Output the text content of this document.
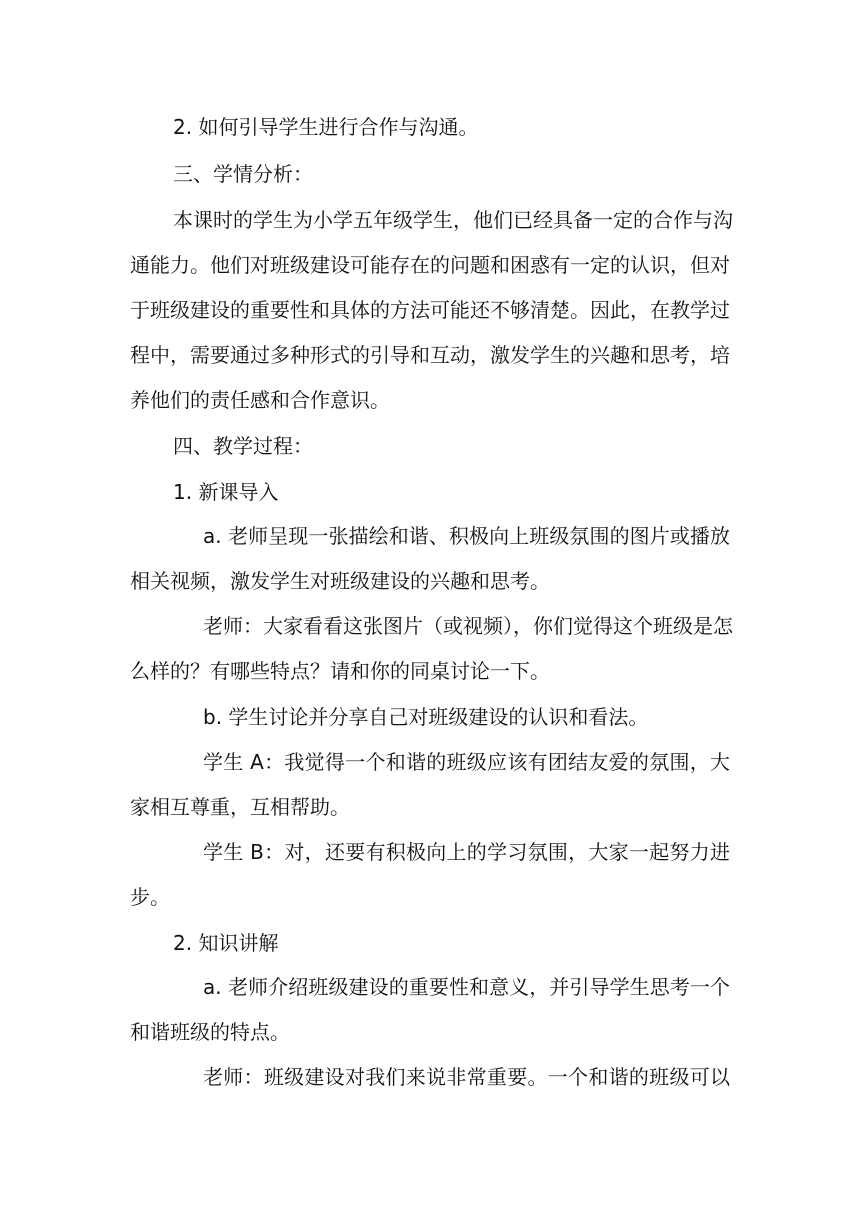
2. 如何引导学生进行合作与沟通。

三、学情分析：

本课时的学生为小学五年级学生，他们已经具备一定的合作与沟

通能力。他们对班级建设可能存在的问题和困惑有一定的认识，但对

于班级建设的重要性和具体的方法可能还不够清楚。因此，在教学过

程中，需要通过多种形式的引导和互动，激发学生的兴趣和思考，培

养他们的责任感和合作意识。

四、教学过程：

1. 新课导入

a. 老师呈现一张描绘和谐、积极向上班级氛围的图片或播放

相关视频，激发学生对班级建设的兴趣和思考。

老师：大家看看这张图片（或视频），你们觉得这个班级是怎

么样的？有哪些特点？请和你的同桌讨论一下。

b. 学生讨论并分享自己对班级建设的认识和看法。

学生 A：我觉得一个和谐的班级应该有团结友爱的氛围，大

家相互尊重，互相帮助。

学生 B：对，还要有积极向上的学习氛围，大家一起努力进

步。

2. 知识讲解

a. 老师介绍班级建设的重要性和意义，并引导学生思考一个

和谐班级的特点。

老师：班级建设对我们来说非常重要。一个和谐的班级可以
